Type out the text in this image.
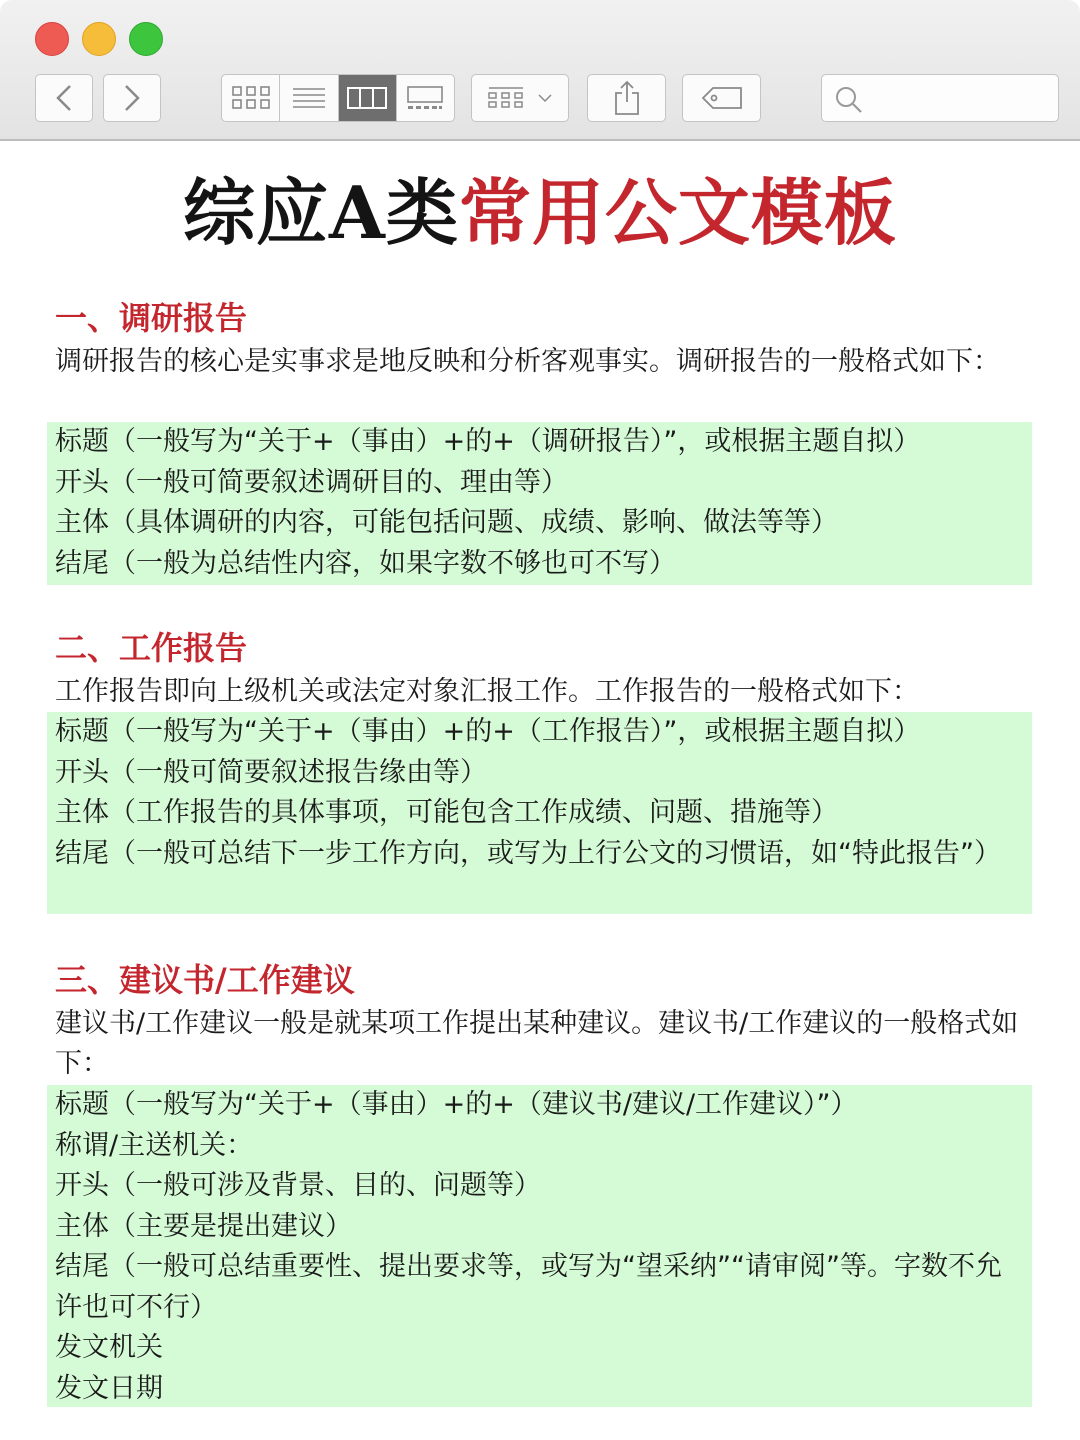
综应A类常用公文模板
一、调研报告
调研报告的核心是实事求是地反映和分析客观事实。调研报告的一般格式如下：
标题（一般写为“关于+（事由）+的+（调研报告）”，或根据主题自拟）
开头（一般可简要叙述调研目的、理由等）
主体（具体调研的内容，可能包括问题、成绩、影响、做法等等）
结尾（一般为总结性内容，如果字数不够也可不写）
二、工作报告
工作报告即向上级机关或法定对象汇报工作。工作报告的一般格式如下：
标题（一般写为“关于+（事由）+的+（工作报告）”，或根据主题自拟）
开头（一般可简要叙述报告缘由等）
主体（工作报告的具体事项，可能包含工作成绩、问题、措施等）
结尾（一般可总结下一步工作方向，或写为上行公文的习惯语，如“特此报告”）
三、建议书/工作建议
建议书/工作建议一般是就某项工作提出某种建议。建议书/工作建议的一般格式如下：
标题（一般写为“关于+（事由）+的+（建议书/建议/工作建议）”）
称谓/主送机关：
开头（一般可涉及背景、目的、问题等）
主体（主要是提出建议）
结尾（一般可总结重要性、提出要求等，或写为“望采纳”“请审阅”等。字数不允许也可不行）
发文机关
发文日期
